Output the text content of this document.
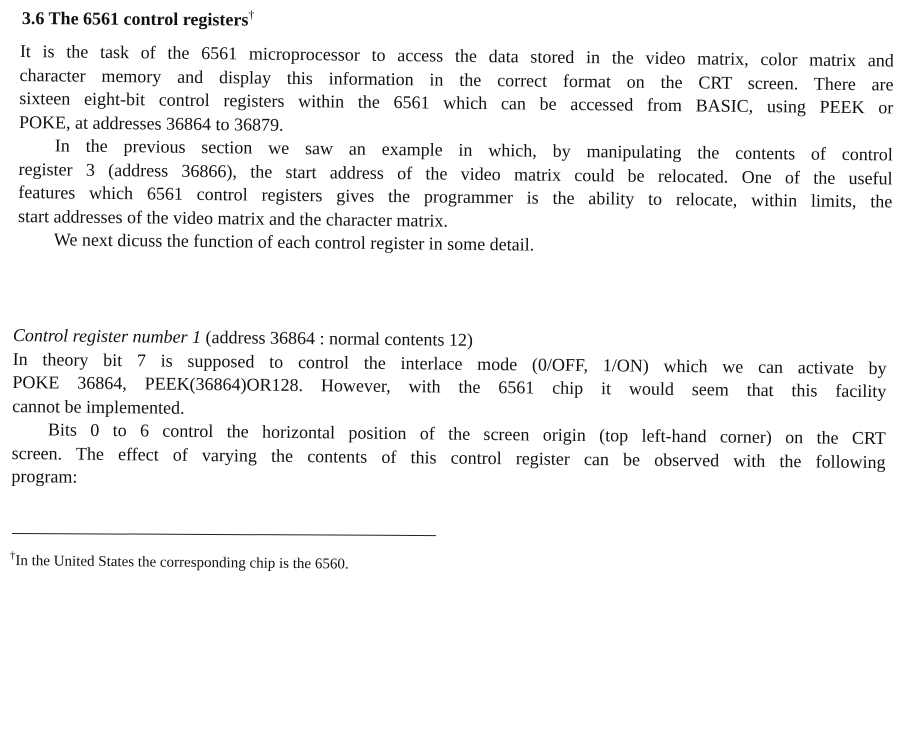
3.6 The 6561 control registers†
It is the task of the 6561 microprocessor to access the data stored in the video matrix, color matrix and
character memory and display this information in the correct format on the CRT screen. There are
sixteen eight-bit control registers within the 6561 which can be accessed from BASIC, using PEEK or
POKE, at addresses 36864 to 36879.
In the previous section we saw an example in which, by manipulating the contents of control
register 3 (address 36866), the start address of the video matrix could be relocated. One of the useful
features which 6561 control registers gives the programmer is the ability to relocate, within limits, the
start addresses of the video matrix and the character matrix.
We next dicuss the function of each control register in some detail.
Control register number 1 (address 36864 : normal contents 12)
In theory bit 7 is supposed to control the interlace mode (0/OFF, 1/ON) which we can activate by
POKE 36864, PEEK(36864)OR128. However, with the 6561 chip it would seem that this facility
cannot be implemented.
Bits 0 to 6 control the horizontal position of the screen origin (top left-hand corner) on the CRT
screen. The effect of varying the contents of this control register can be observed with the following
program:
†In the United States the corresponding chip is the 6560.
